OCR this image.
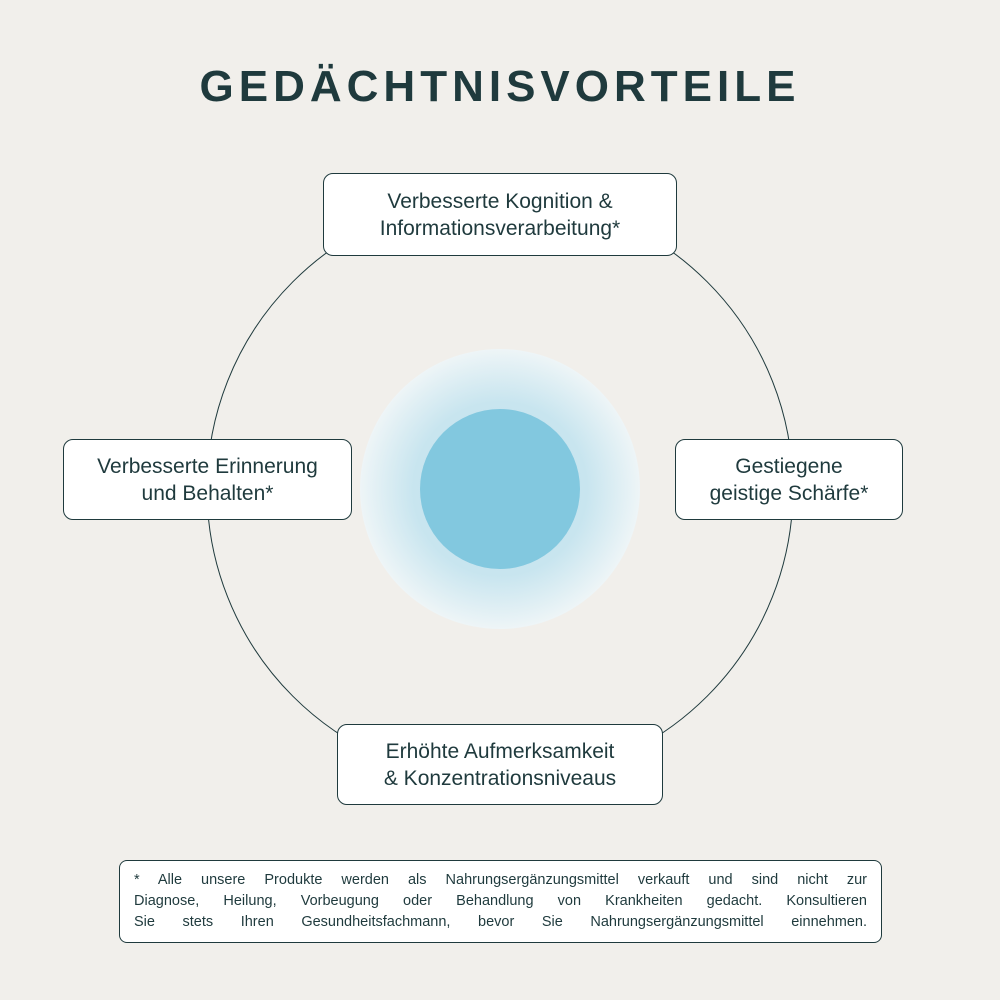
GEDÄCHTNISVORTEILE
Verbesserte Kognition &
Informationsverarbeitung*
Verbesserte Erinnerung
und Behalten*
Gestiegene
geistige Schärfe*
Erhöhte Aufmerksamkeit
& Konzentrationsniveaus
* Alle unsere Produkte werden als Nahrungsergänzungsmittel verkauft und sind nicht zur
Diagnose, Heilung, Vorbeugung oder Behandlung von Krankheiten gedacht. Konsultieren
Sie stets Ihren Gesundheitsfachmann, bevor Sie Nahrungsergänzungsmittel einnehmen.
